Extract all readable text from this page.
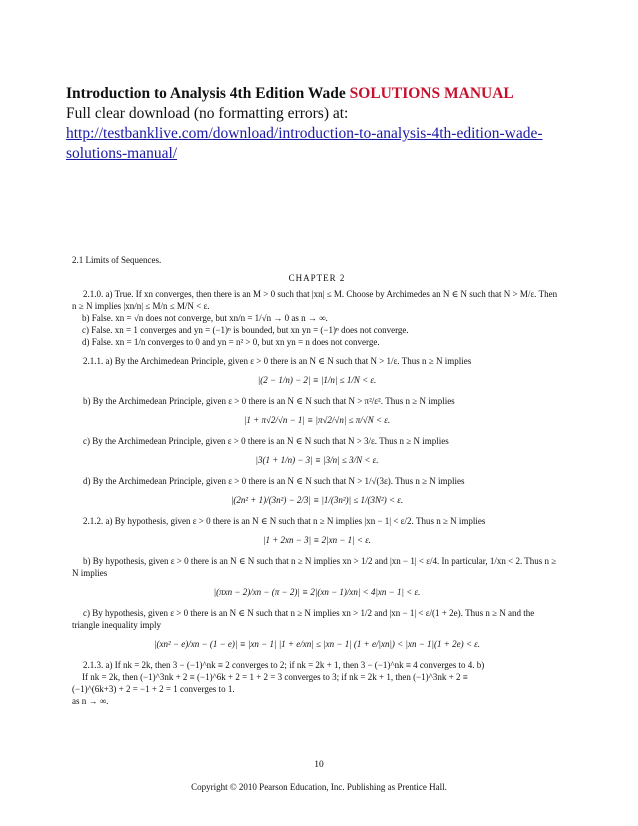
Introduction to Analysis 4th Edition Wade SOLUTIONS MANUAL

Full clear download (no formatting errors) at:

http://testbanklive.com/download/introduction-to-analysis-4th-edition-wade-

solutions-manual/

2.1 Limits of Sequences.

CHAPTER 2

2.1.0. a) True. If xn converges, then there is an M > 0 such that |xn| ≤ M. Choose by Archimedes an N ∈ N such that N > M/ε. Then n ≥ N implies |xn/n| ≤ M/n ≤ M/N < ε.

b) False. xn = √n does not converge, but xn/n = 1/√n → 0 as n → ∞.

c) False. xn = 1 converges and yn = (−1)ⁿ is bounded, but xn yn = (−1)ⁿ does not converge.

d) False. xn = 1/n converges to 0 and yn = n² > 0, but xn yn = n does not converge.

2.1.1. a) By the Archimedean Principle, given ε > 0 there is an N ∈ N such that N > 1/ε. Thus n ≥ N implies

|(2 − 1/n) − 2| ≡ |1/n| ≤ 1/N < ε.

b) By the Archimedean Principle, given ε > 0 there is an N ∈ N such that N > π²/ε². Thus n ≥ N implies

|1 + π√2/√n − 1| ≡ |π√2/√n| ≤ π/√N < ε.

c) By the Archimedean Principle, given ε > 0 there is an N ∈ N such that N > 3/ε. Thus n ≥ N implies

|3(1 + 1/n) − 3| ≡ |3/n| ≤ 3/N < ε.

d) By the Archimedean Principle, given ε > 0 there is an N ∈ N such that N > 1/√(3ε). Thus n ≥ N implies

|(2n² + 1)/(3n²) − 2/3| ≡ |1/(3n²)| ≤ 1/(3N²) < ε.

2.1.2. a) By hypothesis, given ε > 0 there is an N ∈ N such that n ≥ N implies |xn − 1| < ε/2. Thus n ≥ N implies

|1 + 2xn − 3| ≡ 2|xn − 1| < ε.

b) By hypothesis, given ε > 0 there is an N ∈ N such that n ≥ N implies xn > 1/2 and |xn − 1| < ε/4. In particular, 1/xn < 2. Thus n ≥ N implies

|(πxn − 2)/xn − (π − 2)| ≡ 2|(xn − 1)/xn| < 4|xn − 1| < ε.

c) By hypothesis, given ε > 0 there is an N ∈ N such that n ≥ N implies xn > 1/2 and |xn − 1| < ε/(1 + 2e). Thus n ≥ N and the triangle inequality imply

|(xn² − e)/xn − (1 − e)| ≡ |xn − 1| |1 + e/xn| ≤ |xn − 1| (1 + e/|xn|) < |xn − 1|(1 + 2e) < ε.

2.1.3. a) If nk = 2k, then 3 − (−1)^nk ≡ 2 converges to 2; if nk = 2k + 1, then 3 − (−1)^nk ≡ 4 converges to 4. b)

If nk = 2k, then (−1)^3nk + 2 ≡ (−1)^6k + 2 = 1 + 2 = 3 converges to 3; if nk = 2k + 1, then (−1)^3nk + 2 ≡

(−1)^(6k+3) + 2 = −1 + 2 = 1 converges to 1.

as n → ∞.

10
Copyright © 2010 Pearson Education, Inc. Publishing as Prentice Hall.
